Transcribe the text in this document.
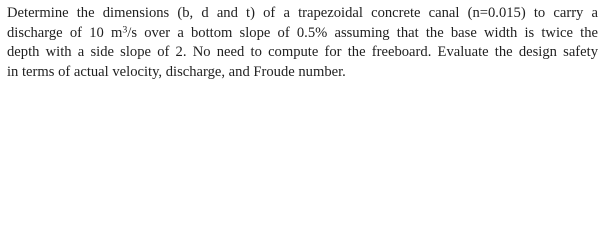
Determine the dimensions (b, d and t) of a trapezoidal concrete canal (n=0.015) to carry a
discharge of 10 $m^3/s$ over a bottom slope of 0.5% assuming that the base width is twice the
depth with a side slope of 2. No need to compute for the freeboard. Evaluate the design safety
in terms of actual velocity, discharge, and Froude number.
